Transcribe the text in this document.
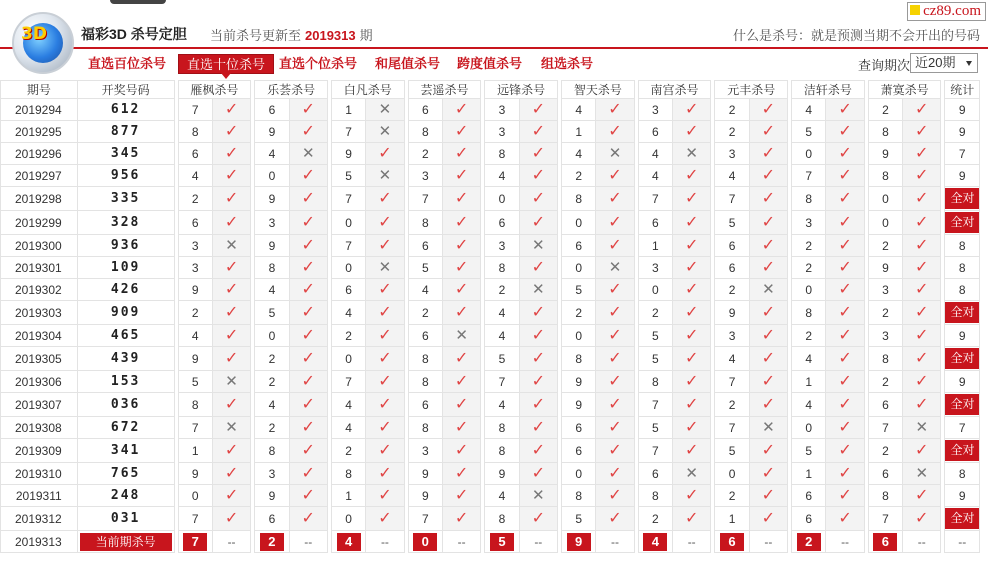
3D 福彩3D 杀号定胆 当前杀号更新至 2019313 期
cz89.com
什么是杀号：就是预测当期不会开出的号码
直选百位杀号	直选十位杀号	直选个位杀号 和尾值杀号 跨度值杀号 组选杀号	查询期次 近20期
期号	开奖号码		雁枫杀号			乐荟杀号			白凡杀号			芸遥杀号			远锋杀号			智天杀号			南宫杀号			元丰杀号			洁轩杀号			萧寞杀号			统计
2019294	612		7	✓		6	✓		1	✕		6	✓		3	✓		4	✓		3	✓		2	✓		4	✓		2	✓		9
2019295	877		8	✓		9	✓		7	✕		8	✓		3	✓		1	✓		6	✓		2	✓		5	✓		8	✓		9
2019296	345		6	✓		4	✕		9	✓		2	✓		8	✓		4	✕		4	✕		3	✓		0	✓		9	✓		7
2019297	956		4	✓		0	✓		5	✕		3	✓		4	✓		2	✓		4	✓		4	✓		7	✓		8	✓		9
2019298	335		2	✓		9	✓		7	✓		7	✓		0	✓		8	✓		7	✓		7	✓		8	✓		0	✓		全对

2019299	328		6	✓		3	✓		0	✓		8	✓		6	✓		0	✓		6	✓		5	✓		3	✓		0	✓		全对

2019300	936		3	✕		9	✓		7	✓		6	✓		3	✕		6	✓		1	✓		6	✓		2	✓		2	✓		8
2019301	109		3	✓		8	✓		0	✕		5	✓		8	✓		0	✕		3	✓		6	✓		2	✓		9	✓		8
2019302	426		9	✓		4	✓		6	✓		4	✓		2	✕		5	✓		0	✓		2	✕		0	✓		3	✓		8
2019303	909		2	✓		5	✓		4	✓		2	✓		4	✓		2	✓		2	✓		9	✓		8	✓		2	✓		全对

2019304	465		4	✓		0	✓		2	✓		6	✕		4	✓		0	✓		5	✓		3	✓		2	✓		3	✓		9
2019305	439		9	✓		2	✓		0	✓		8	✓		5	✓		8	✓		5	✓		4	✓		4	✓		8	✓		全对

2019306	153		5	✕		2	✓		7	✓		8	✓		7	✓		9	✓		8	✓		7	✓		1	✓		2	✓		9
2019307	036		8	✓		4	✓		4	✓		6	✓		4	✓		9	✓		7	✓		2	✓		4	✓		6	✓		全对

2019308	672		7	✕		2	✓		4	✓		8	✓		8	✓		6	✓		5	✓		7	✕		0	✓		7	✕		7
2019309	341		1	✓		8	✓		2	✓		3	✓		8	✓		6	✓		7	✓		5	✓		5	✓		2	✓		全对

2019310	765		9	✓		3	✓		8	✓		9	✓		9	✓		0	✓		6	✕		0	✓		1	✓		6	✕		8
2019311	248		0	✓		9	✓		1	✓		9	✓		4	✕		8	✓		8	✓		2	✓		6	✓		8	✓		9
2019312	031		7	✓		6	✓		0	✓		7	✓		8	✓		5	✓		2	✓		1	✓		6	✓		7	✓		全对

2019313	当前期杀号		7	--		2	--		4	--		0	--		5	--		9	--		4	--		6	--		2	--		6	--		--
